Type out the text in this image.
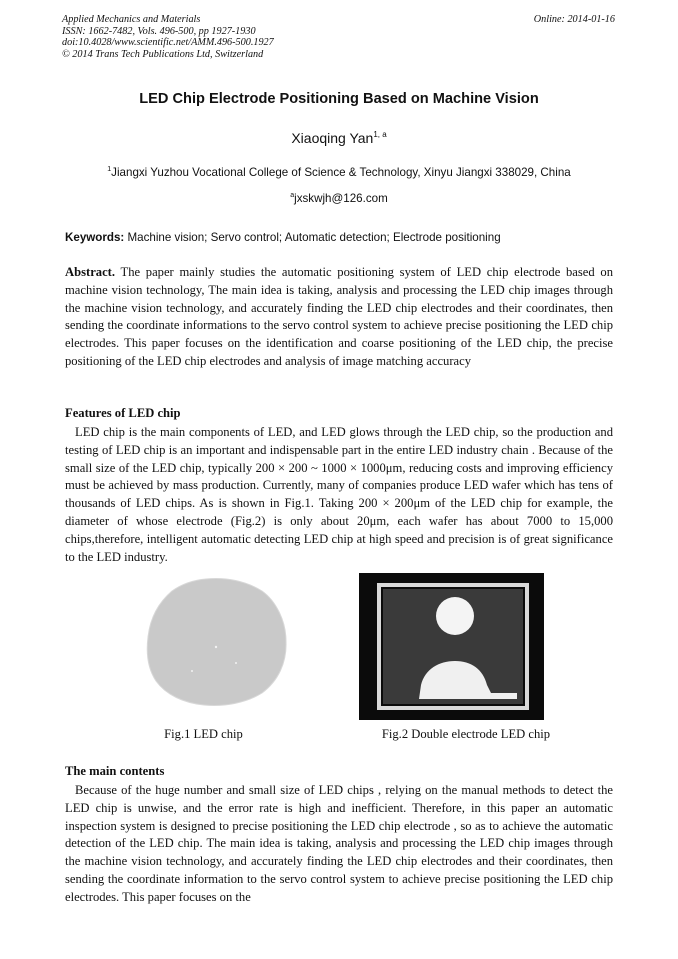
Applied Mechanics and Materials
ISSN: 1662-7482, Vols. 496-500, pp 1927-1930
doi:10.4028/www.scientific.net/AMM.496-500.1927
© 2014 Trans Tech Publications Ltd, Switzerland
Online: 2014-01-16
LED Chip Electrode Positioning Based on Machine Vision
Xiaoqing Yan$^{1, a}$
$^1$Jiangxi Yuzhou Vocational College of Science & Technology, Xinyu Jiangxi 338029, China
$^a$jxskwjh@126.com
Keywords: Machine vision; Servo control; Automatic detection; Electrode positioning
Abstract. The paper mainly studies the automatic positioning system of LED chip electrode based on machine vision technology, The main idea is taking, analysis and processing the LED chip images through the machine vision technology, and accurately finding the LED chip electrodes and their coordinates, then sending the coordinate informations to the servo control system to achieve precise positioning the LED chip electrodes. This paper focuses on the identification and coarse positioning of the LED chip, the precise positioning of the LED chip electrodes and analysis of image matching accuracy
Features of LED chip
LED chip is the main components of LED, and LED glows through the LED chip, so the production and testing of LED chip is an important and indispensable part in the entire LED industry chain . Because of the small size of the LED chip, typically 200 × 200 ~ 1000 × 1000μm, reducing costs and improving efficiency must be achieved by mass production. Currently, many of companies produce LED wafer which has tens of thousands of LED chips. As is shown in Fig.1. Taking 200 × 200μm of the LED chip for example, the diameter of whose electrode (Fig.2) is only about 20μm, each wafer has about 7000 to 15,000 chips,therefore, intelligent automatic detecting LED chip at high speed and precision is of great significance to the LED industry.
Fig.1 LED chip	Fig.2 Double electrode LED chip
The main contents
Because of the huge number and small size of LED chips , relying on the manual methods to detect the LED chip is unwise, and the error rate is high and inefficient. Therefore, in this paper an automatic inspection system is designed to precise positioning the LED chip electrode , so as to achieve the automatic detection of the LED chip. The main idea is taking, analysis and processing the LED chip images through the machine vision technology, and accurately finding the LED chip electrodes and their coordinates, then sending the coordinate information to the servo control system to achieve precise positioning the LED chip electrodes. This paper focuses on the
